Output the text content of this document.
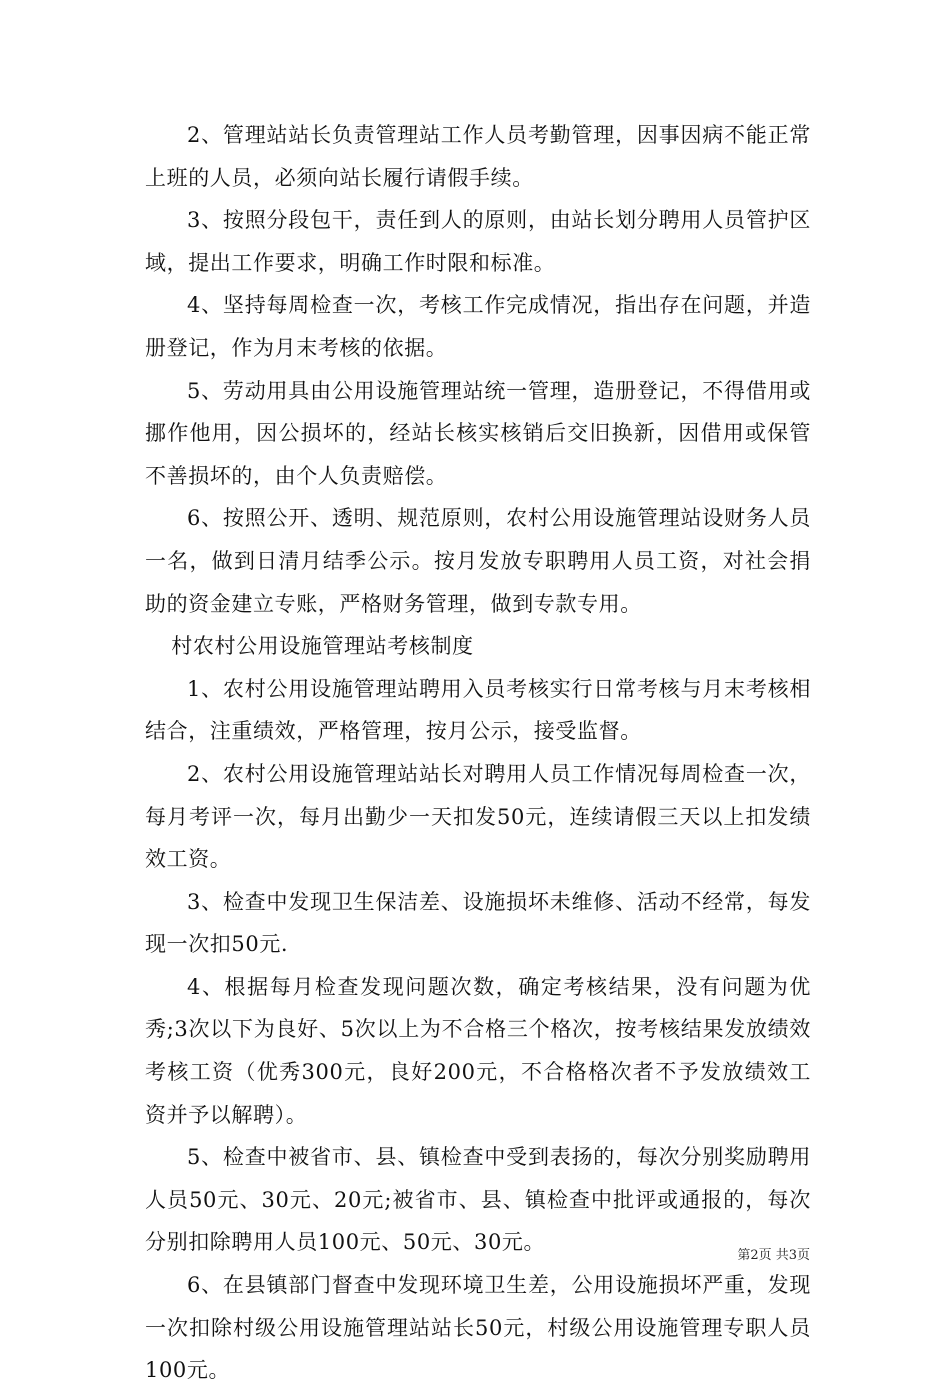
2、管理站站长负责管理站工作人员考勤管理，因事因病不能正常上班的人员，必须向站长履行请假手续。

3、按照分段包干，责任到人的原则，由站长划分聘用人员管护区域，提出工作要求，明确工作时限和标准。

4、坚持每周检查一次，考核工作完成情况，指出存在问题，并造册登记，作为月末考核的依据。

5、劳动用具由公用设施管理站统一管理，造册登记，不得借用或挪作他用，因公损坏的，经站长核实核销后交旧换新，因借用或保管不善损坏的，由个人负责赔偿。

6、按照公开、透明、规范原则，农村公用设施管理站设财务人员一名，做到日清月结季公示。按月发放专职聘用人员工资，对社会捐助的资金建立专账，严格财务管理，做到专款专用。

村农村公用设施管理站考核制度

1、农村公用设施管理站聘用入员考核实行日常考核与月末考核相结合，注重绩效，严格管理，按月公示，接受监督。

2、农村公用设施管理站站长对聘用人员工作情况每周检查一次，每月考评一次，每月出勤少一天扣发50元，连续请假三天以上扣发绩效工资。

3、检查中发现卫生保洁差、设施损坏未维修、活动不经常，每发现一次扣50元.

4、根据每月检查发现问题次数，确定考核结果，没有问题为优秀;3次以下为良好、5次以上为不合格三个格次，按考核结果发放绩效考核工资（优秀300元，良好200元，不合格格次者不予发放绩效工资并予以解聘）。

5、检查中被省市、县、镇检查中受到表扬的，每次分别奖励聘用人员50元、30元、20元;被省市、县、镇检查中批评或通报的，每次分别扣除聘用人员100元、50元、30元。

6、在县镇部门督查中发现环境卫生差，公用设施损坏严重，发现一次扣除村级公用设施管理站站长50元，村级公用设施管理专职人员100元。

第2页 共3页
